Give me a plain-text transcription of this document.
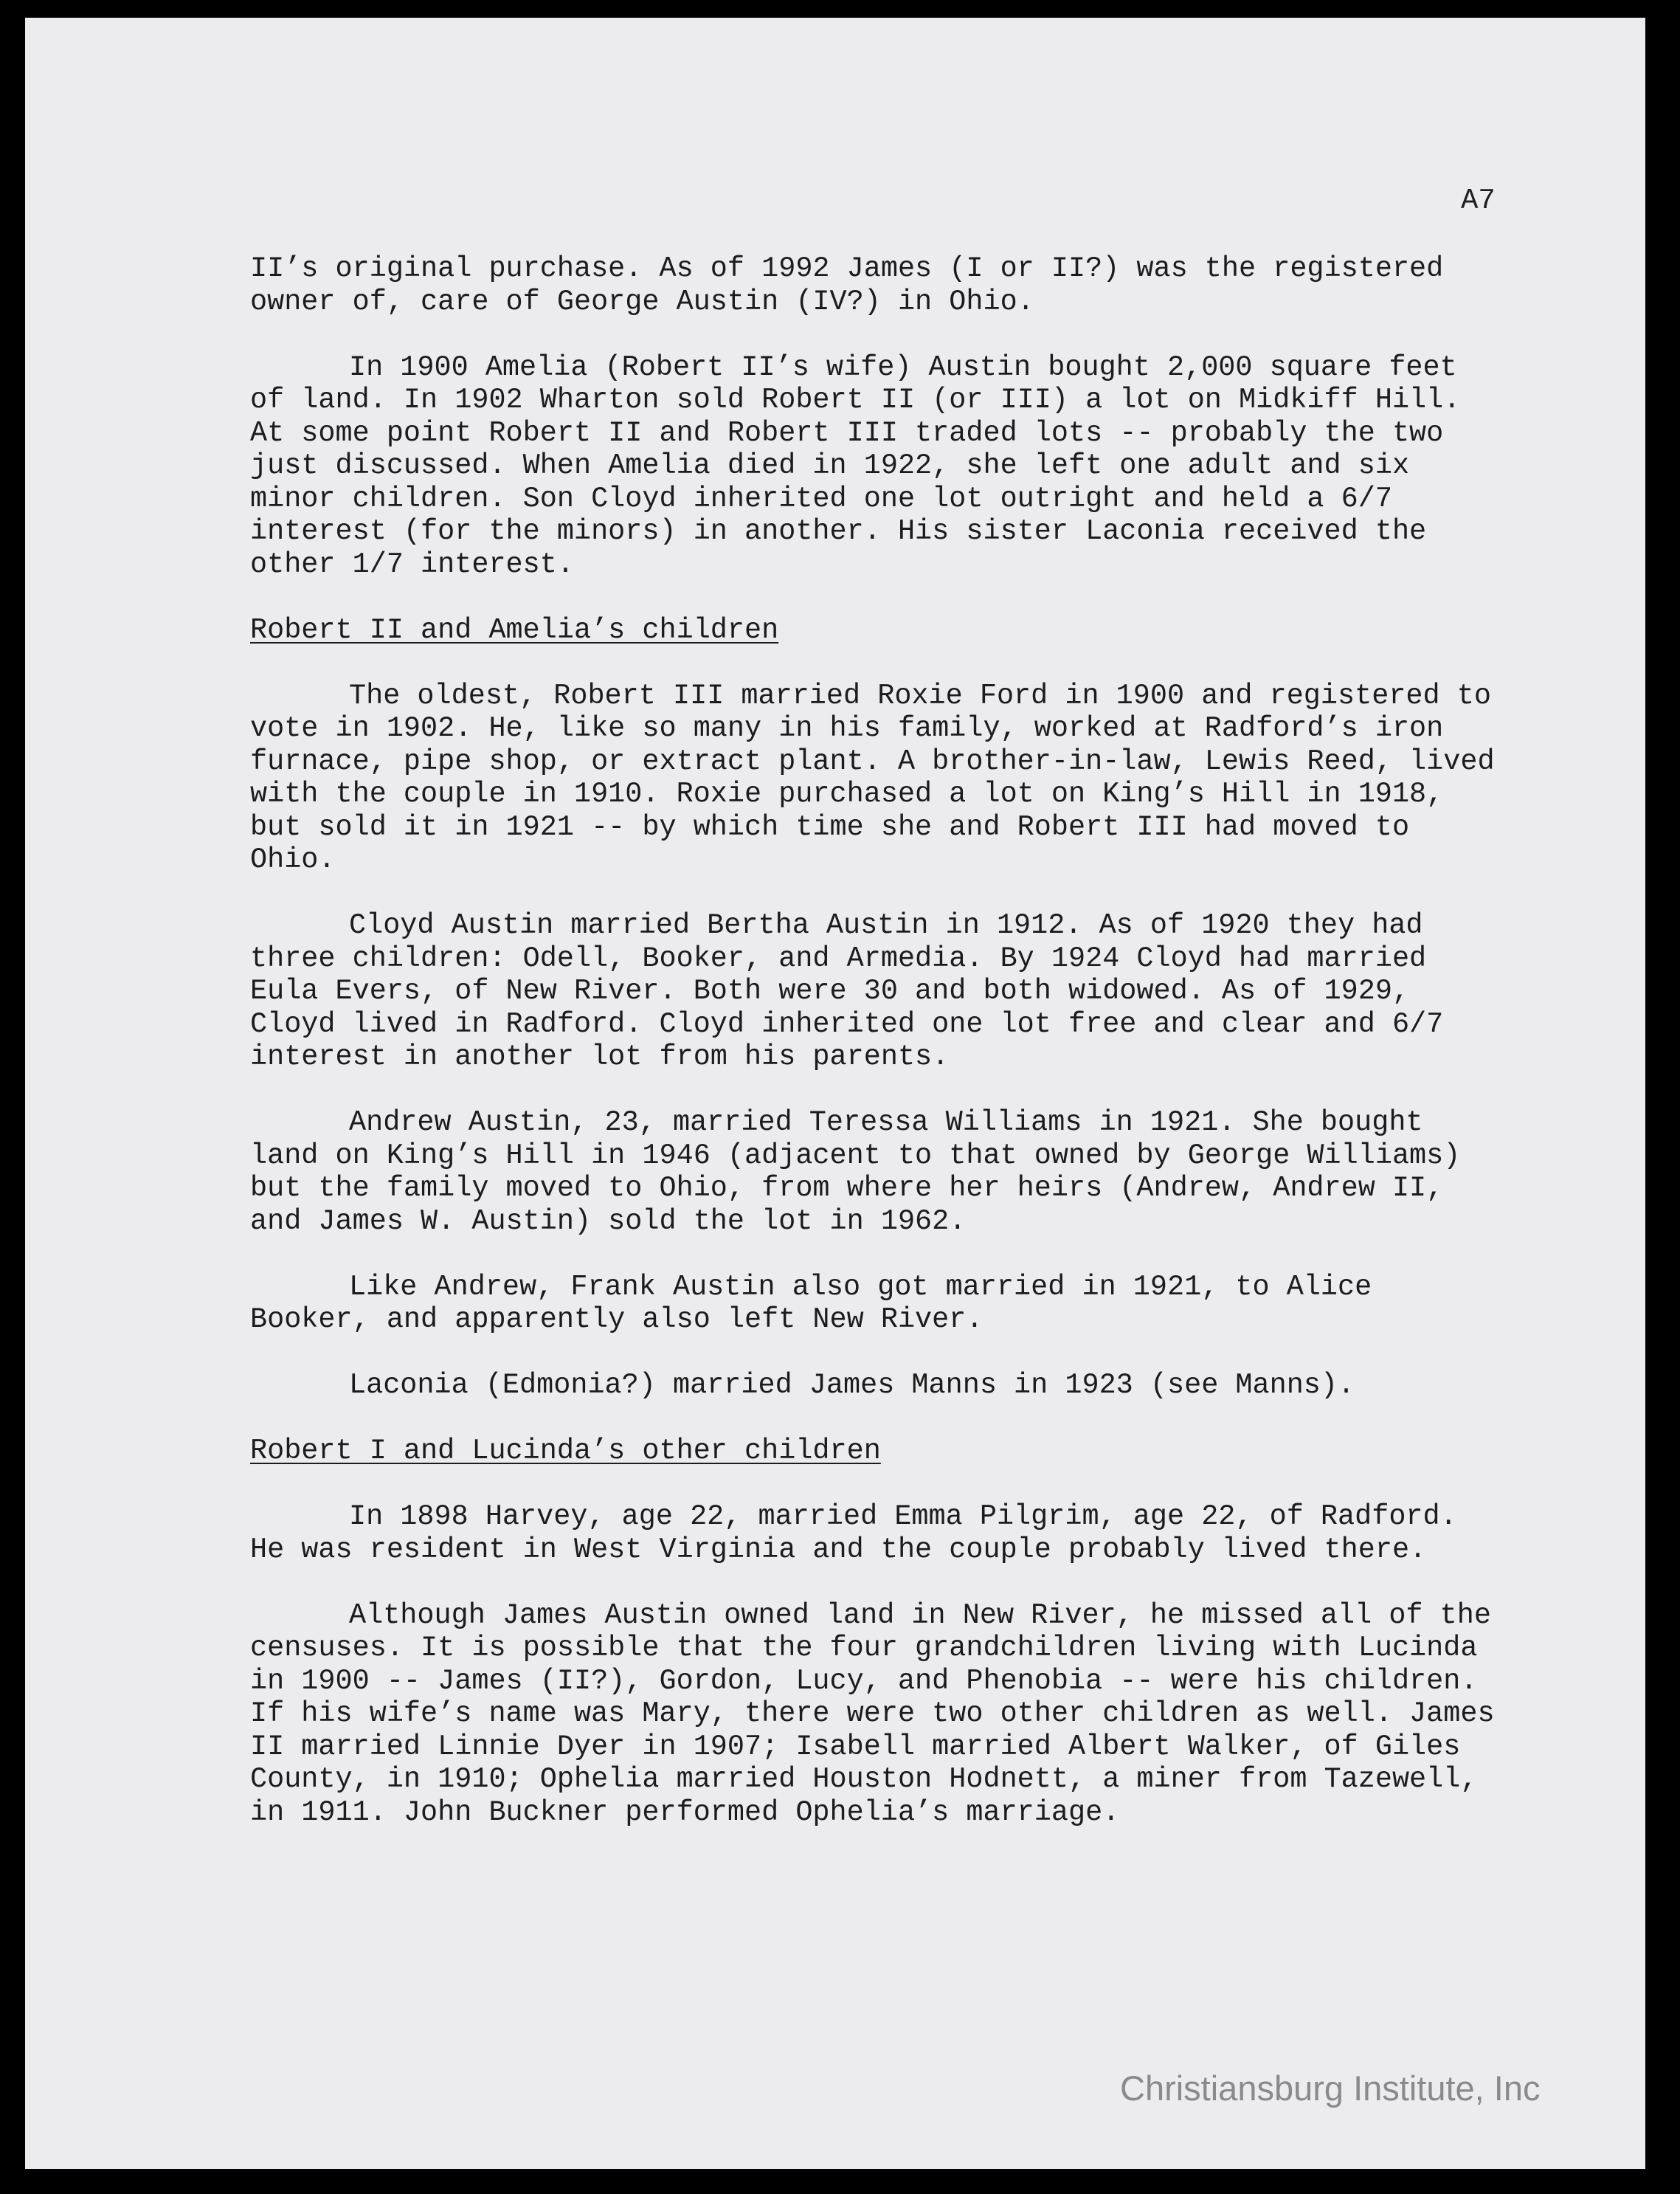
A7

II’s original purchase. As of 1992 James (I or II?) was the registered owner of, care of George Austin (IV?) in Ohio.

In 1900 Amelia (Robert II’s wife) Austin bought 2,000 square feet of land. In 1902 Wharton sold Robert II (or III) a lot on Midkiff Hill. At some point Robert II and Robert III traded lots -- probably the two just discussed. When Amelia died in 1922, she left one adult and six minor children. Son Cloyd inherited one lot outright and held a 6/7 interest (for the minors) in another. His sister Laconia received the other 1/7 interest.

Robert II and Amelia’s children

The oldest, Robert III married Roxie Ford in 1900 and registered to vote in 1902. He, like so many in his family, worked at Radford’s iron furnace, pipe shop, or extract plant. A brother-in-law, Lewis Reed, lived with the couple in 1910. Roxie purchased a lot on King’s Hill in 1918, but sold it in 1921 -- by which time she and Robert III had moved to Ohio.

Cloyd Austin married Bertha Austin in 1912. As of 1920 they had three children: Odell, Booker, and Armedia. By 1924 Cloyd had married Eula Evers, of New River. Both were 30 and both widowed. As of 1929, Cloyd lived in Radford. Cloyd inherited one lot free and clear and 6/7 interest in another lot from his parents.

Andrew Austin, 23, married Teressa Williams in 1921. She bought land on King’s Hill in 1946 (adjacent to that owned by George Williams) but the family moved to Ohio, from where her heirs (Andrew, Andrew II, and James W. Austin) sold the lot in 1962.

Like Andrew, Frank Austin also got married in 1921, to Alice Booker, and apparently also left New River.

Laconia (Edmonia?) married James Manns in 1923 (see Manns).

Robert I and Lucinda’s other children

In 1898 Harvey, age 22, married Emma Pilgrim, age 22, of Radford. He was resident in West Virginia and the couple probably lived there.

Although James Austin owned land in New River, he missed all of the censuses. It is possible that the four grandchildren living with Lucinda in 1900 -- James (II?), Gordon, Lucy, and Phenobia -- were his children. If his wife’s name was Mary, there were two other children as well. James II married Linnie Dyer in 1907; Isabell married Albert Walker, of Giles County, in 1910; Ophelia married Houston Hodnett, a miner from Tazewell, in 1911. John Buckner performed Ophelia’s marriage.

Christiansburg Institute, Inc
